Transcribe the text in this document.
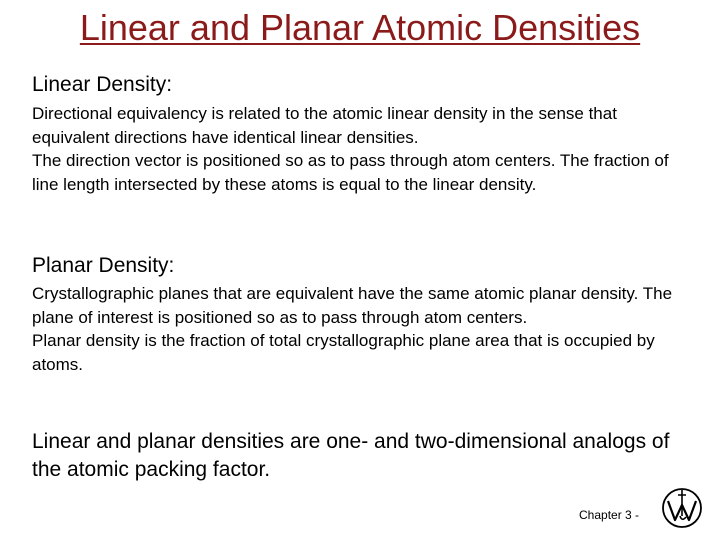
Linear and Planar Atomic Densities
Linear Density:

Directional equivalency is related to the atomic linear density in the sense that equivalent directions have identical linear densities.

The direction vector is positioned so as to pass through atom centers. The fraction of line length intersected by these atoms is equal to the linear density.

Planar Density:

Crystallographic planes that are equivalent have the same atomic planar density. The plane of interest is positioned so as to pass through atom centers.

Planar density is the fraction of total crystallographic plane area that is occupied by atoms.

Linear and planar densities are one- and two-dimensional analogs of the atomic packing factor.
Chapter 3 -
